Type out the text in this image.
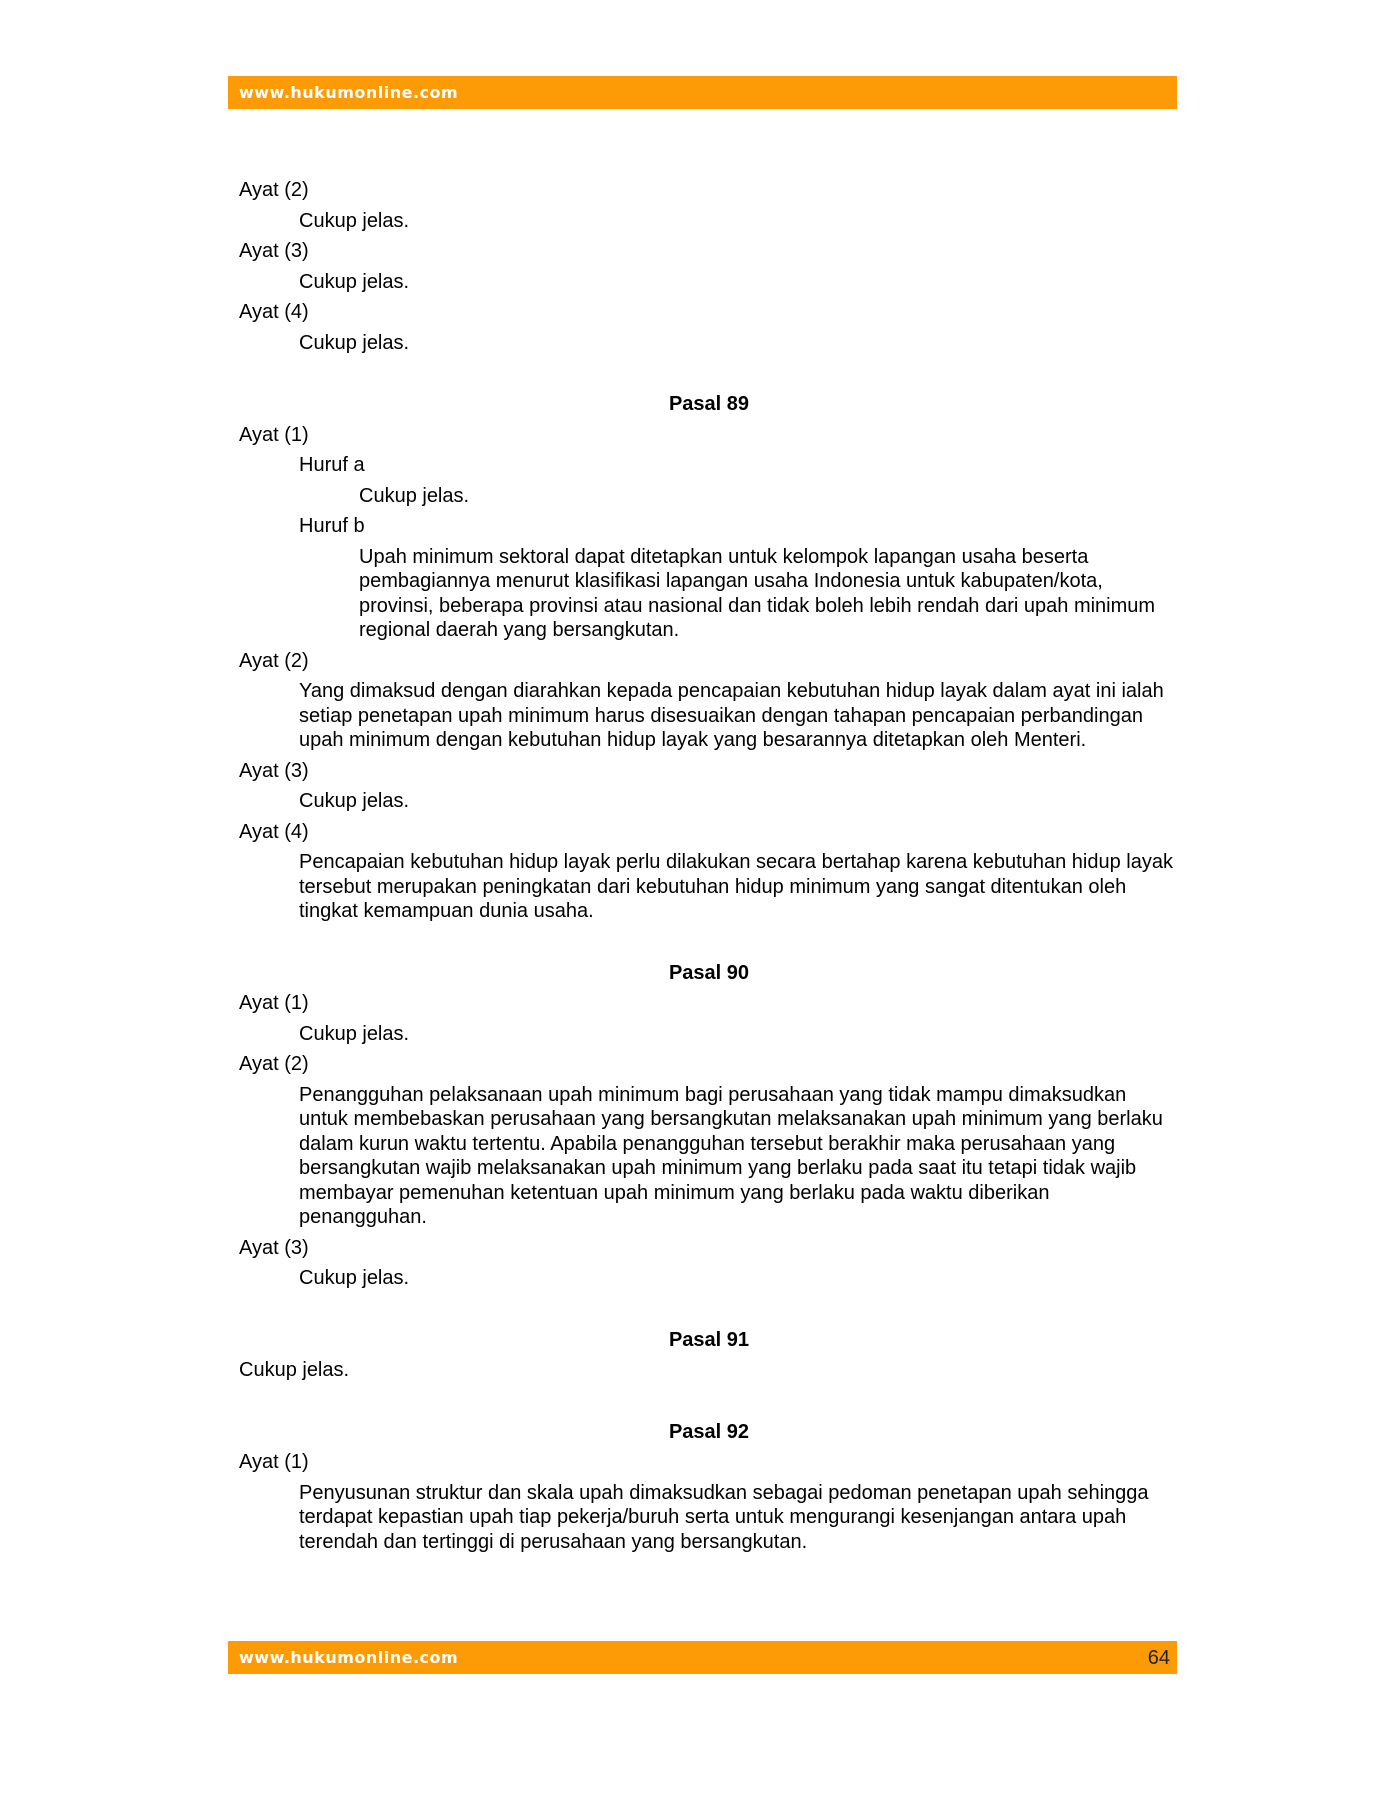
www.hukumonline.com

Ayat (2)

Cukup jelas.

Ayat (3)

Cukup jelas.

Ayat (4)

Cukup jelas.

Pasal 89

Ayat (1)

Huruf a

Cukup jelas.

Huruf b

Upah minimum sektoral dapat ditetapkan untuk kelompok lapangan usaha beserta pembagiannya menurut klasifikasi lapangan usaha Indonesia untuk kabupaten/kota, provinsi, beberapa provinsi atau nasional dan tidak boleh lebih rendah dari upah minimum regional daerah yang bersangkutan.

Ayat (2)

Yang dimaksud dengan diarahkan kepada pencapaian kebutuhan hidup layak dalam ayat ini ialah setiap penetapan upah minimum harus disesuaikan dengan tahapan pencapaian perbandingan upah minimum dengan kebutuhan hidup layak yang besarannya ditetapkan oleh Menteri.

Ayat (3)

Cukup jelas.

Ayat (4)

Pencapaian kebutuhan hidup layak perlu dilakukan secara bertahap karena kebutuhan hidup layak tersebut merupakan peningkatan dari kebutuhan hidup minimum yang sangat ditentukan oleh tingkat kemampuan dunia usaha.

Pasal 90

Ayat (1)

Cukup jelas.

Ayat (2)

Penangguhan pelaksanaan upah minimum bagi perusahaan yang tidak mampu dimaksudkan untuk membebaskan perusahaan yang bersangkutan melaksanakan upah minimum yang berlaku dalam kurun waktu tertentu. Apabila penangguhan tersebut berakhir maka perusahaan yang bersangkutan wajib melaksanakan upah minimum yang berlaku pada saat itu tetapi tidak wajib membayar pemenuhan ketentuan upah minimum yang berlaku pada waktu diberikan penangguhan.

Ayat (3)

Cukup jelas.

Pasal 91

Cukup jelas.

Pasal 92

Ayat (1)

Penyusunan struktur dan skala upah dimaksudkan sebagai pedoman penetapan upah sehingga terdapat kepastian upah tiap pekerja/buruh serta untuk mengurangi kesenjangan antara upah terendah dan tertinggi di perusahaan yang bersangkutan.

www.hukumonline.com	64
